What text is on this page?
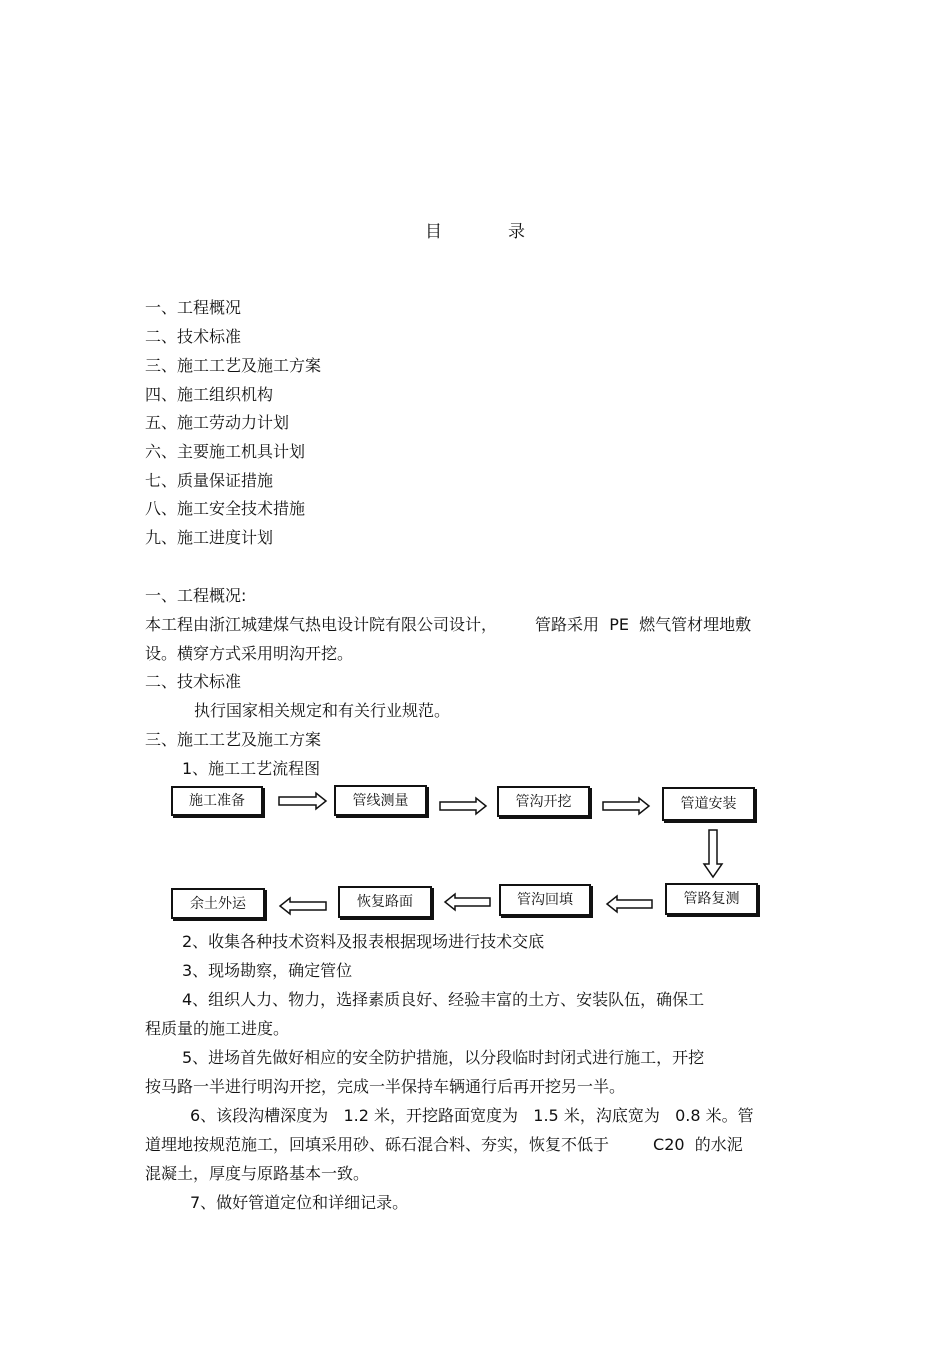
目	录
一、工程概况
二、技术标准
三、施工工艺及施工方案
四、施工组织机构
五、施工劳动力计划
六、主要施工机具计划
七、质量保证措施
八、施工安全技术措施
九、施工进度计划
一、工程概况:
本工程由浙江城建煤气热电设计院有限公司设计， 管路采用 PE 燃气管材埋地敷
设。横穿方式采用明沟开挖。
二、技术标准
执行国家相关规定和有关行业规范。
三、施工工艺及施工方案
1、施工工艺流程图
施工准备	管线测量	管沟开挖	管道安装
管路复测
管沟回填
恢复路面
余土外运
2、收集各种技术资料及报表根据现场进行技术交底
3、现场勘察，确定管位
4、组织人力、物力，选择素质良好、经验丰富的土方、安装队伍，确保工
程质量的施工进度。
5、进场首先做好相应的安全防护措施，以分段临时封闭式进行施工，开挖
按马路一半进行明沟开挖，完成一半保持车辆通行后再开挖另一半。
6、该段沟槽深度为 1.2 米，开挖路面宽度为 1.5 米，沟底宽为 0.8 米。管
道埋地按规范施工，回填采用砂、砾石混合料、夯实，恢复不低于	C20 的水泥
混凝土，厚度与原路基本一致。
7、做好管道定位和详细记录。
